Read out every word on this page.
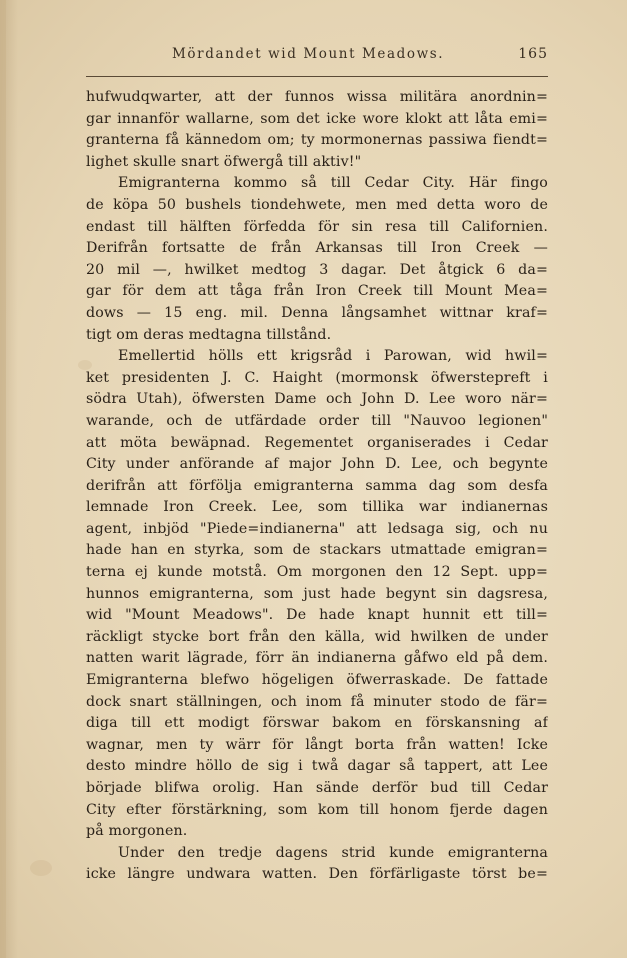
Mördandet wid Mount Meadows.	165
hufwudqwarter, att der funnos wissa militära anordnin=
gar innanför wallarne, som det icke wore klokt att låta emi=
granterna få kännedom om; ty mormonernas passiwa fiendt=
lighet skulle snart öfwergå till aktiv!"
Emigranterna kommo så till Cedar City. Här fingo
de köpa 50 bushels tiondehwete, men med detta woro de
endast till hälften förfedda för sin resa till Californien.
Derifrån fortsatte de från Arkansas till Iron Creek —
20 mil —, hwilket medtog 3 dagar. Det åtgick 6 da=
gar för dem att tåga från Iron Creek till Mount Mea=
dows — 15 eng. mil. Denna långsamhet wittnar kraf=
tigt om deras medtagna tillstånd.
Emellertid hölls ett krigsråd i Parowan, wid hwil=
ket presidenten J. C. Haight (mormonsk öfwerstepreft i
södra Utah), öfwersten Dame och John D. Lee woro när=
warande, och de utfärdade order till "Nauvoo legionen"
att möta bewäpnad. Regementet organiserades i Cedar
City under anförande af major John D. Lee, och begynte
derifrån att förfölja emigranterna samma dag som desfa
lemnade Iron Creek. Lee, som tillika war indianernas
agent, inbjöd "Piede=indianerna" att ledsaga sig, och nu
hade han en styrka, som de stackars utmattade emigran=
terna ej kunde motstå. Om morgonen den 12 Sept. upp=
hunnos emigranterna, som just hade begynt sin dagsresa,
wid "Mount Meadows". De hade knapt hunnit ett till=
räckligt stycke bort från den källa, wid hwilken de under
natten warit lägrade, förr än indianerna gåfwo eld på dem.
Emigranterna blefwo högeligen öfwerraskade. De fattade
dock snart ställningen, och inom få minuter stodo de fär=
diga till ett modigt förswar bakom en förskansning af
wagnar, men ty wärr för långt borta från watten! Icke
desto mindre höllo de sig i twå dagar så tappert, att Lee
började blifwa orolig. Han sände derför bud till Cedar
City efter förstärkning, som kom till honom fjerde dagen
på morgonen.
Under den tredje dagens strid kunde emigranterna
icke längre undwara watten. Den förfärligaste törst be=
